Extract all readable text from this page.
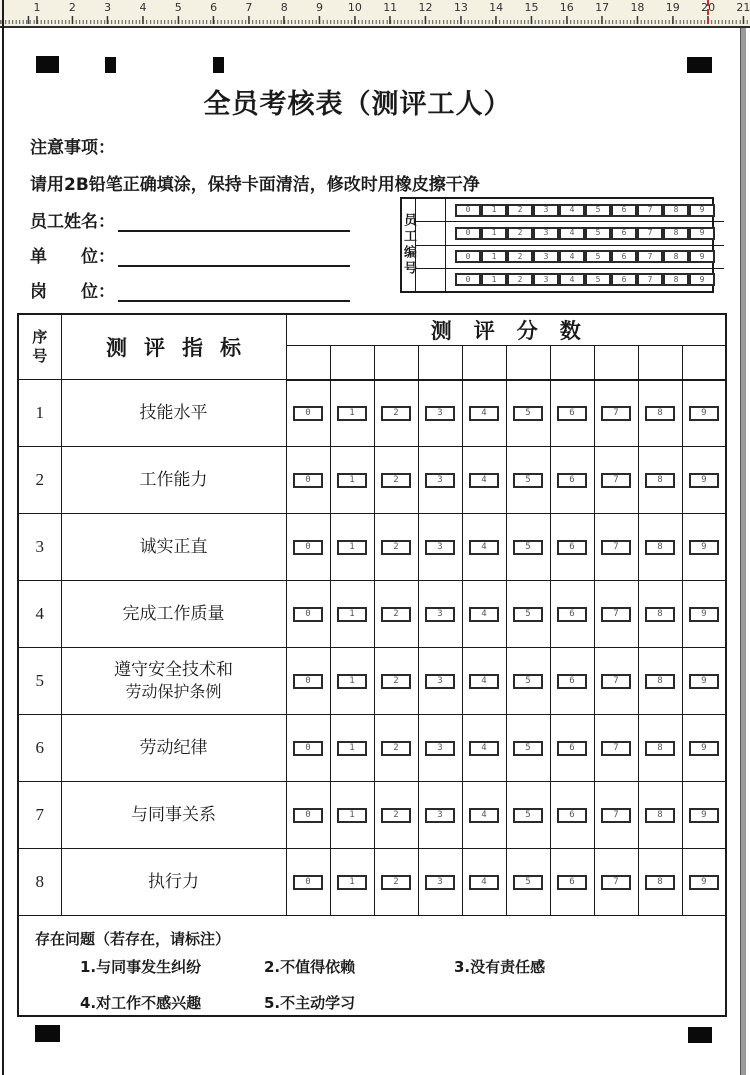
1	2	3	4	5	6	7	8	9 10 11 12 13 14 15 16 17 18 19 20 21
全员考核表（测评工人）
注意事项：
请用2B铅笔正确填涂，保持卡面清洁，修改时用橡皮擦干净
员工姓名：
单　　位：
岗　　位：
员工编号
0	1	2	3	4	5	6	7	8	9
0	1	2	3	4	5	6	7	8	9
0	1	2	3	4	5	6	7	8	9
0	1	2	3	4	5	6	7	8	9
序号	测评指标	测评分数									

1	技能水平	0	1	2	3	4	5	6	7	8	9

2	工作能力	0	1	2	3	4	5	6	7	8	9

3	诚实正直	0	1	2	3	4	5	6	7	8	9

4	完成工作质量	0	1	2	3	4	5	6	7	8	9

5	遵守安全技术和
劳动保护条例	0	1	2	3	4	5	6	7	8	9

6	劳动纪律	0	1	2	3	4	5	6	7	8	9

7	与同事关系	0	1	2	3	4	5	6	7	8	9

8	执行力	0	1	2	3	4	5	6	7	8	9

存在问题（若存在，请标注）
1.与同事发生纠纷	2.不值得依赖	3.没有责任感
4.对工作不感兴趣	5.不主动学习
